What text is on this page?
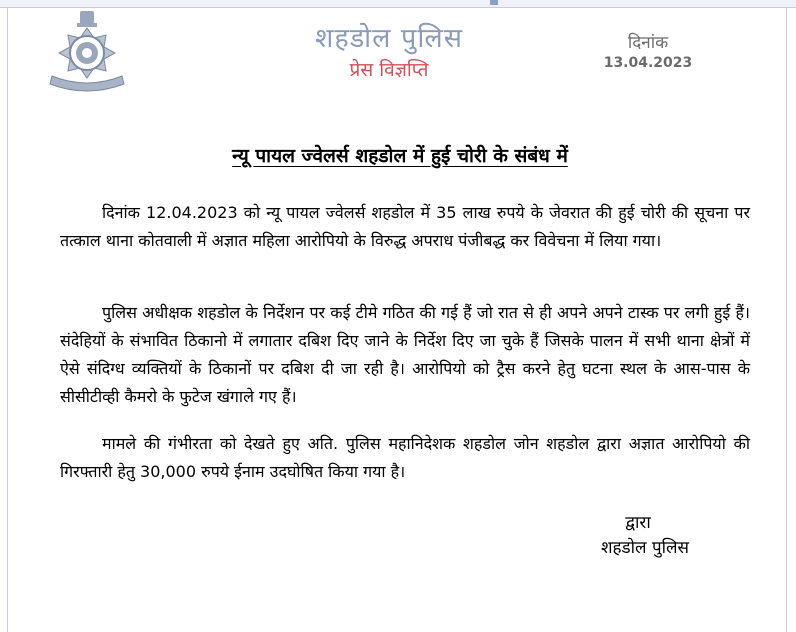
शहडोल पुलिस
प्रेस विज्ञप्ति
दिनांक
13.04.2023
न्यू पायल ज्वेलर्स शहडोल में हुई चोरी के संबंध में
दिनांक 12.04.2023 को न्यू पायल ज्वेलर्स शहडोल में 35 लाख रुपये के जेवरात की हुई चोरी की सूचना पर तत्काल थाना कोतवाली में अज्ञात महिला आरोपियो के विरुद्ध अपराध पंजीबद्ध कर विवेचना में लिया गया।
पुलिस अधीक्षक शहडोल के निर्देशन पर कई टीमे गठित की गई हैं जो रात से ही अपने अपने टास्क पर लगी हुई हैं। संदेहियों के संभावित ठिकानो में लगातार दबिश दिए जाने के निर्देश दिए जा चुके हैं जिसके पालन में सभी थाना क्षेत्रों में ऐसे संदिग्ध व्यक्तियों के ठिकानों पर दबिश दी जा रही है। आरोपियो को ट्रैस करने हेतु घटना स्थल के आस-पास के सीसीटीव्ही कैमरो के फुटेज खंगाले गए हैं।
मामले की गंभीरता को देखते हुए अति. पुलिस महानिदेशक शहडोल जोन शहडोल द्वारा अज्ञात आरोपियो की गिरफ्तारी हेतु 30,000 रुपये ईनाम उदघोषित किया गया है।
द्वारा
शहडोल पुलिस
